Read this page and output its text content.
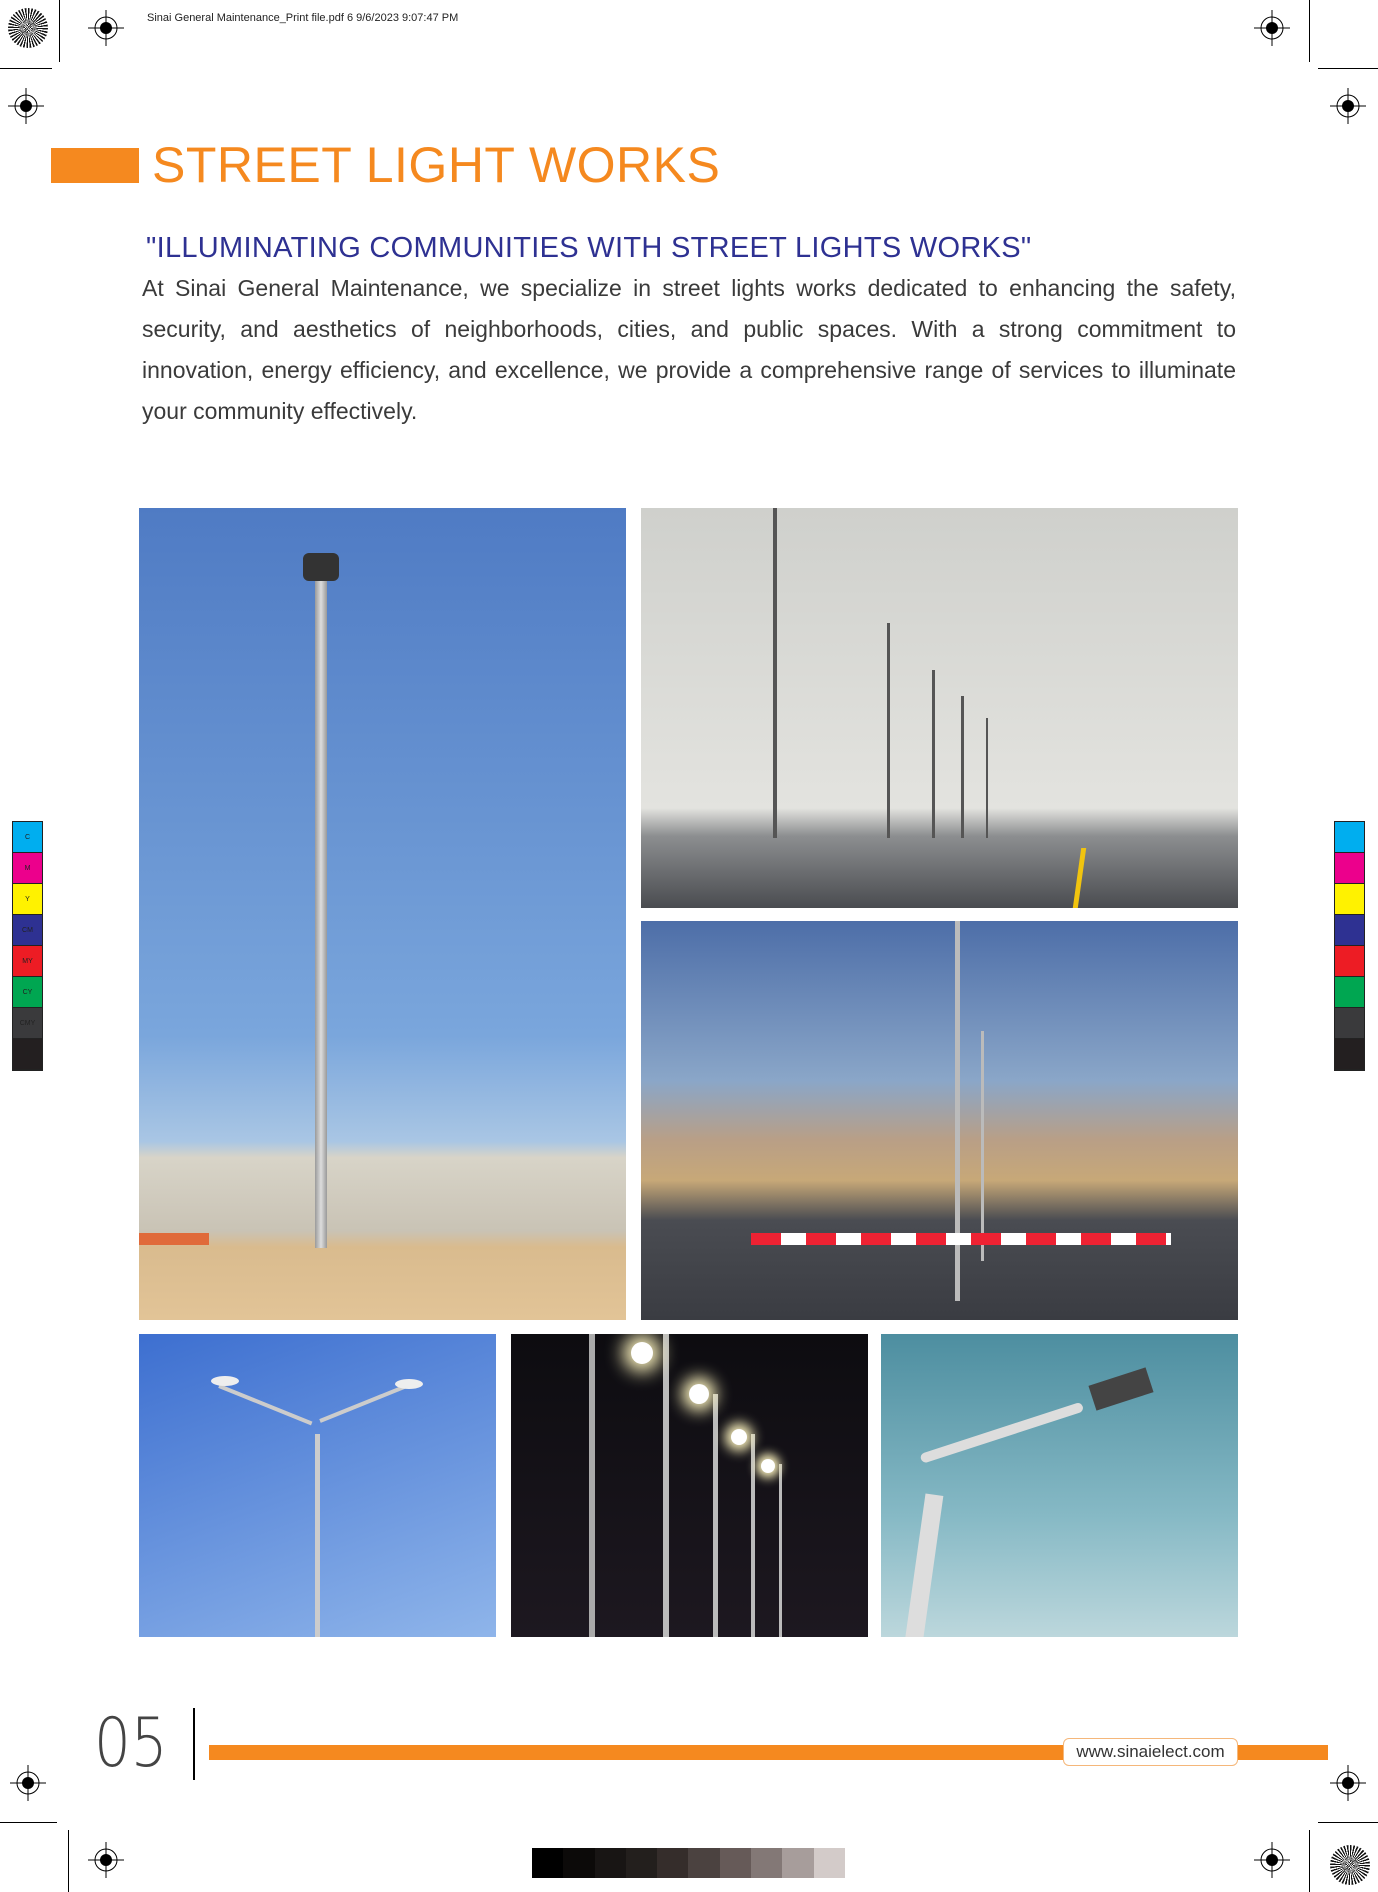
Sinai General Maintenance_Print file.pdf 6 9/6/2023 9:07:47 PM
STREET LIGHT WORKS
"ILLUMINATING COMMUNITIES WITH STREET LIGHTS WORKS"

At Sinai General Maintenance, we specialize in street lights works dedicated to enhancing the safety, security, and aesthetics of neighborhoods, cities, and public spaces. With a strong commitment to innovation, energy efficiency, and excellence, we provide a comprehensive range of services to illuminate your community effectively.

C
M
Y
CM
MY
CY
CMY
K
05	www.sinaielect.com
